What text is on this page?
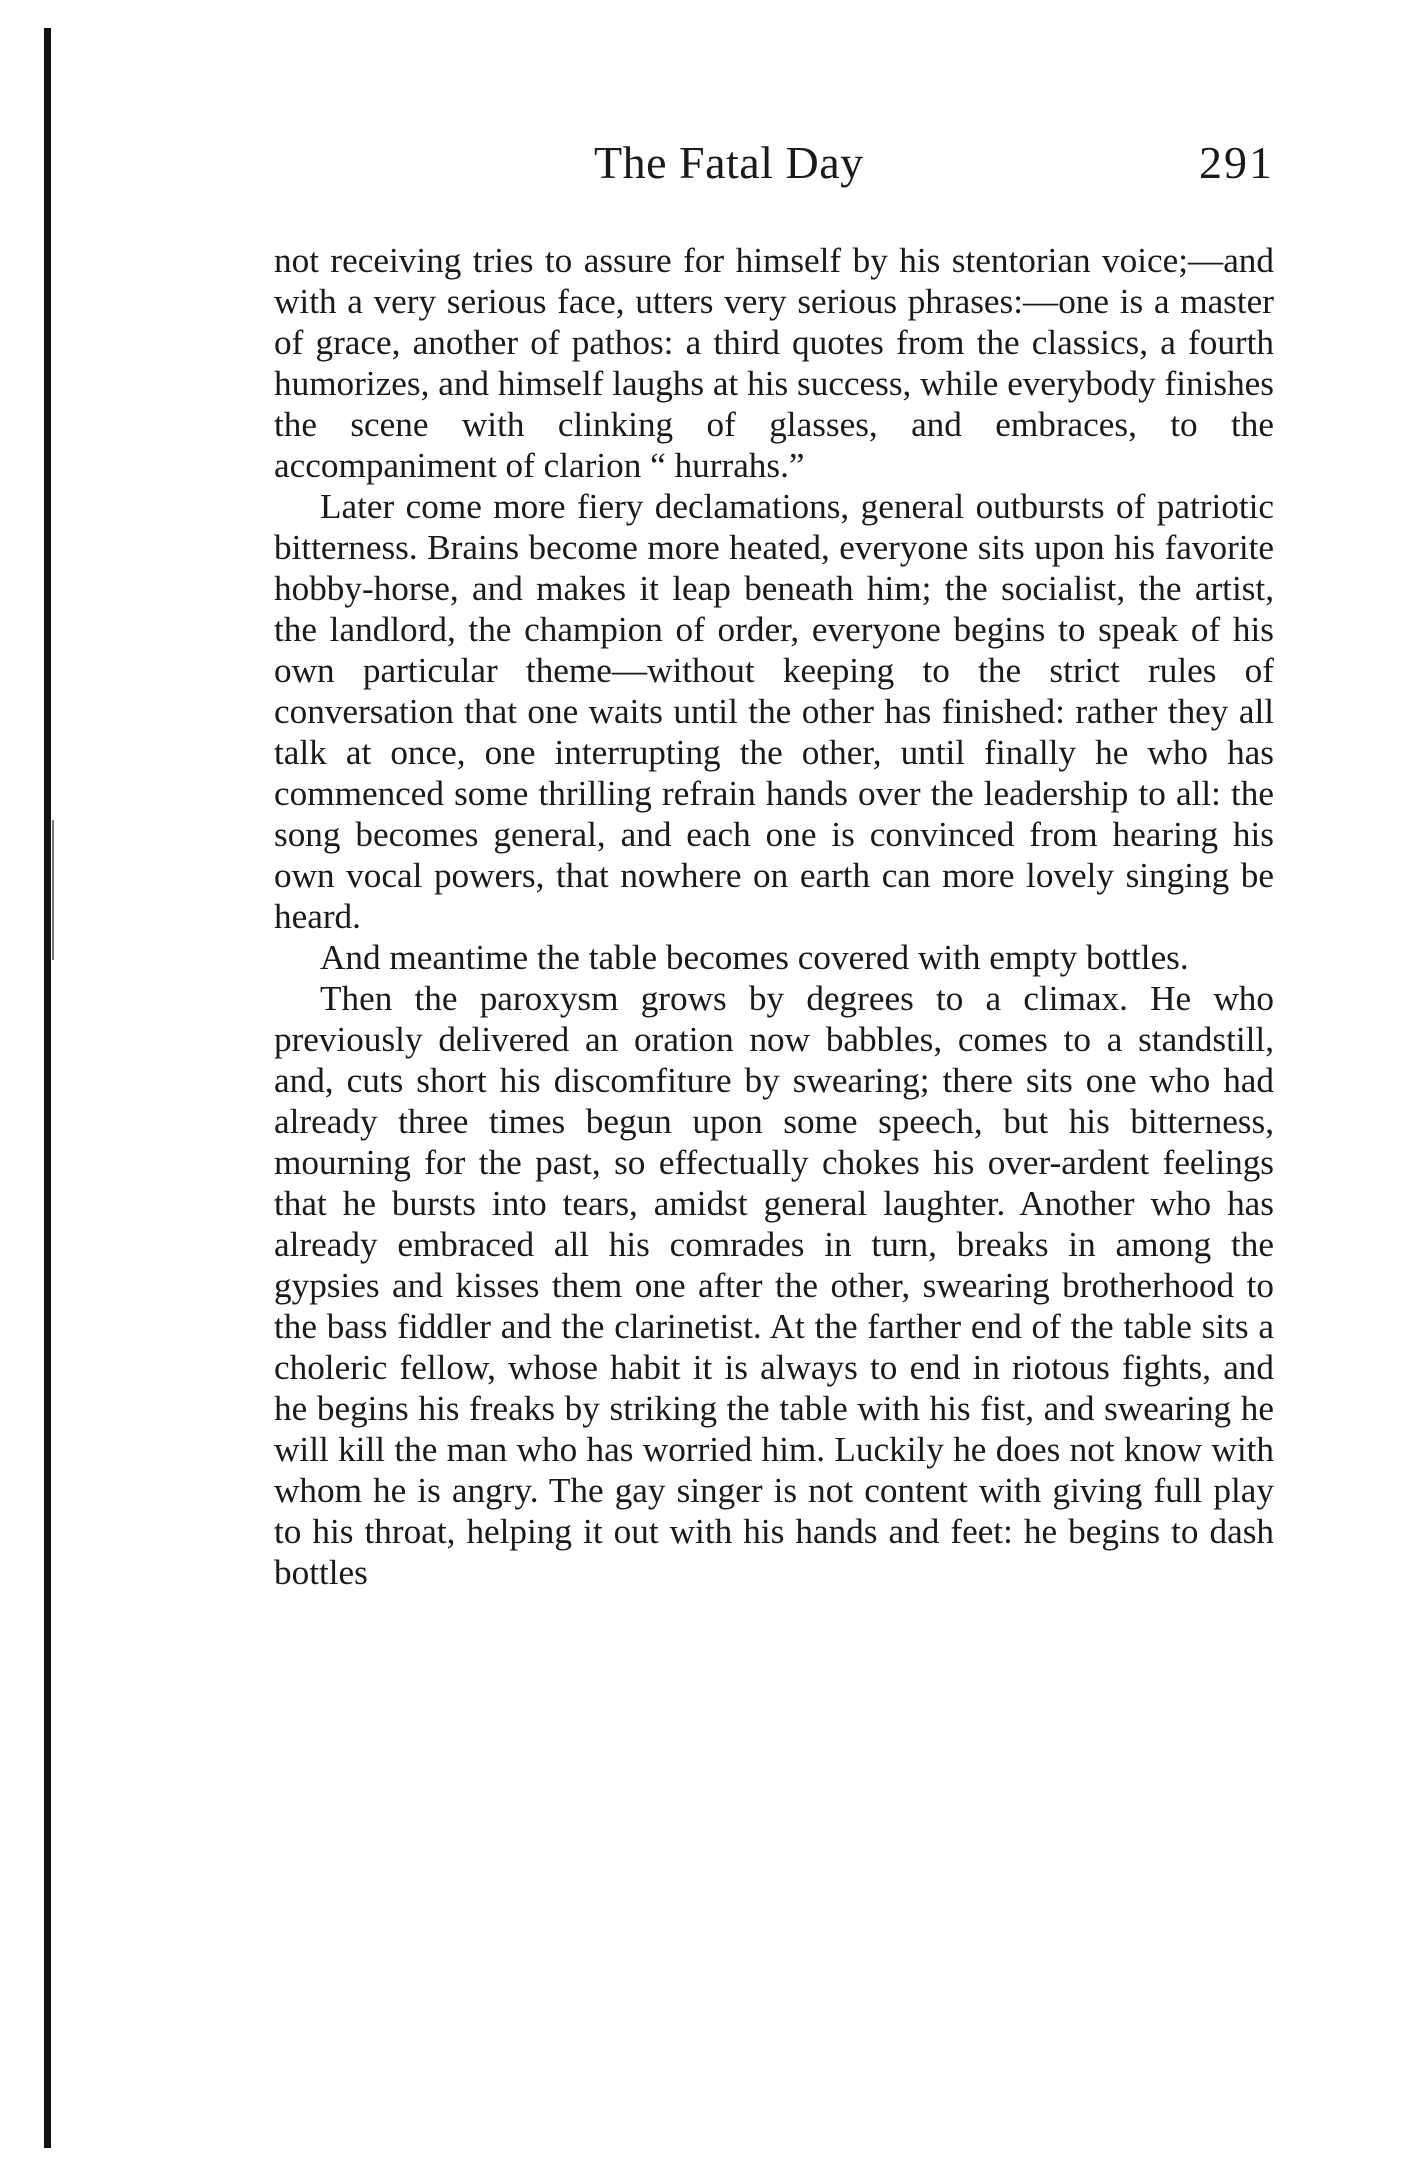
The Fatal Day	291

not receiving tries to assure for himself by his stentorian voice;—and with a very serious face, utters very serious phrases:—one is a master of grace, another of pathos: a third quotes from the classics, a fourth humorizes, and himself laughs at his success, while everybody finishes the scene with clinking of glasses, and embraces, to the accompaniment of clarion “ hurrahs.”

Later come more fiery declamations, general outbursts of patriotic bitterness. Brains become more heated, everyone sits upon his favorite hobby-horse, and makes it leap beneath him; the socialist, the artist, the landlord, the champion of order, everyone begins to speak of his own particular theme—without keeping to the strict rules of conversation that one waits until the other has finished: rather they all talk at once, one interrupting the other, until finally he who has commenced some thrilling refrain hands over the leadership to all: the song becomes general, and each one is convinced from hearing his own vocal powers, that nowhere on earth can more lovely singing be heard.

And meantime the table becomes covered with empty bottles.

Then the paroxysm grows by degrees to a climax. He who previously delivered an oration now babbles, comes to a standstill, and, cuts short his discomfiture by swearing; there sits one who had already three times begun upon some speech, but his bitterness, mourning for the past, so effectually chokes his over-ardent feelings that he bursts into tears, amidst general laughter. Another who has already embraced all his comrades in turn, breaks in among the gypsies and kisses them one after the other, swearing brotherhood to the bass fiddler and the clarinetist. At the farther end of the table sits a choleric fellow, whose habit it is always to end in riotous fights, and he begins his freaks by striking the table with his fist, and swearing he will kill the man who has worried him. Luckily he does not know with whom he is angry. The gay singer is not content with giving full play to his throat, helping it out with his hands and feet: he begins to dash bottles
